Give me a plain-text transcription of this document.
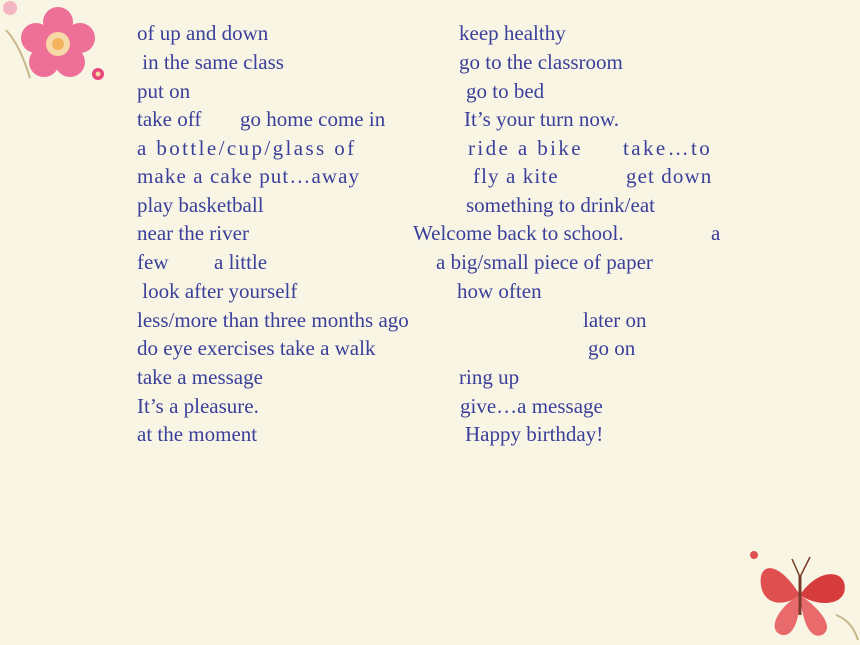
of up and down	keep healthy
in the same class	go to the classroom
put on	go to bed
take off go home come in	It’s your turn now.
a bottle/cup/glass of	ride a bike take…to
make a cake put…away	fly a kite	get down
play basketball	something to drink/eat
near the river	Welcome back to school.	a
few a little	a big/small piece of paper
look after yourself	how often
less/more than three months ago	later on
do eye exercises take a walk	go on
take a message	ring up
It’s a pleasure.	give…a message
at the moment	Happy birthday!
